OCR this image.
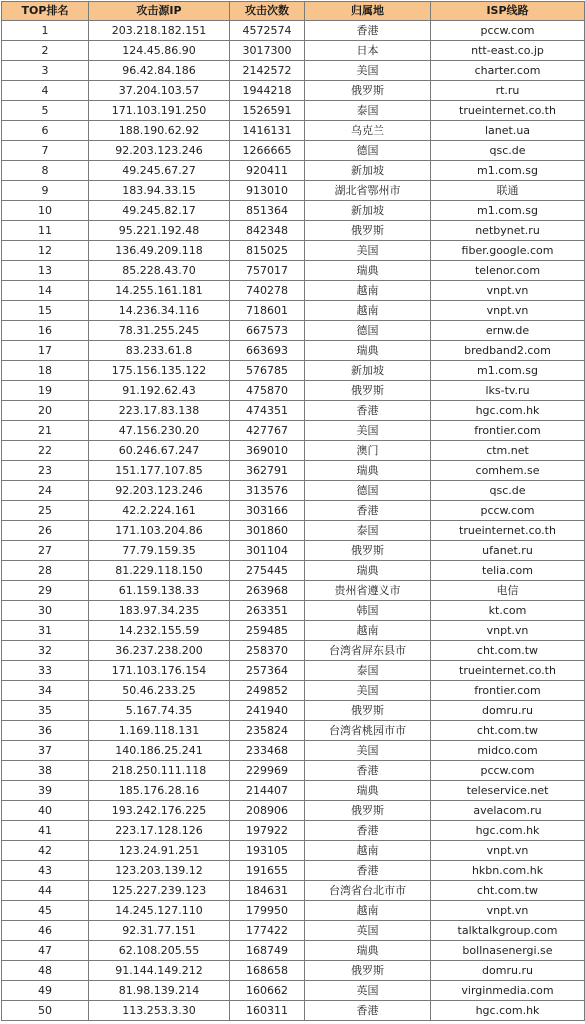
TOP排名	攻击源IP	攻击次数	归属地	ISP线路
1	203.218.182.151	4572574	香港	pccw.com
2	124.45.86.90	3017300	日本	ntt-east.co.jp
3	96.42.84.186	2142572	美国	charter.com
4	37.204.103.57	1944218	俄罗斯	rt.ru
5	171.103.191.250	1526591	泰国	trueinternet.co.th
6	188.190.62.92	1416131	乌克兰	lanet.ua
7	92.203.123.246	1266665	德国	qsc.de
8	49.245.67.27	920411	新加坡	m1.com.sg
9	183.94.33.15	913010	湖北省鄂州市	联通
10	49.245.82.17	851364	新加坡	m1.com.sg
11	95.221.192.48	842348	俄罗斯	netbynet.ru
12	136.49.209.118	815025	美国	fiber.google.com
13	85.228.43.70	757017	瑞典	telenor.com
14	14.255.161.181	740278	越南	vnpt.vn
15	14.236.34.116	718601	越南	vnpt.vn
16	78.31.255.245	667573	德国	ernw.de
17	83.233.61.8	663693	瑞典	bredband2.com
18	175.156.135.122	576785	新加坡	m1.com.sg
19	91.192.62.43	475870	俄罗斯	lks-tv.ru
20	223.17.83.138	474351	香港	hgc.com.hk
21	47.156.230.20	427767	美国	frontier.com
22	60.246.67.247	369010	澳门	ctm.net
23	151.177.107.85	362791	瑞典	comhem.se
24	92.203.123.246	313576	德国	qsc.de
25	42.2.224.161	303166	香港	pccw.com
26	171.103.204.86	301860	泰国	trueinternet.co.th
27	77.79.159.35	301104	俄罗斯	ufanet.ru
28	81.229.118.150	275445	瑞典	telia.com
29	61.159.138.33	263968	贵州省遵义市	电信
30	183.97.34.235	263351	韩国	kt.com
31	14.232.155.59	259485	越南	vnpt.vn
32	36.237.238.200	258370	台湾省屏东县市	cht.com.tw
33	171.103.176.154	257364	泰国	trueinternet.co.th
34	50.46.233.25	249852	美国	frontier.com
35	5.167.74.35	241940	俄罗斯	domru.ru
36	1.169.118.131	235824	台湾省桃园市市	cht.com.tw
37	140.186.25.241	233468	美国	midco.com
38	218.250.111.118	229969	香港	pccw.com
39	185.176.28.16	214407	瑞典	teleservice.net
40	193.242.176.225	208906	俄罗斯	avelacom.ru
41	223.17.128.126	197922	香港	hgc.com.hk
42	123.24.91.251	193105	越南	vnpt.vn
43	123.203.139.12	191655	香港	hkbn.com.hk
44	125.227.239.123	184631	台湾省台北市市	cht.com.tw
45	14.245.127.110	179950	越南	vnpt.vn
46	92.31.77.151	177422	英国	talktalkgroup.com
47	62.108.205.55	168749	瑞典	bollnasenergi.se
48	91.144.149.212	168658	俄罗斯	domru.ru
49	81.98.139.214	160662	英国	virginmedia.com
50	113.253.3.30	160311	香港	hgc.com.hk
